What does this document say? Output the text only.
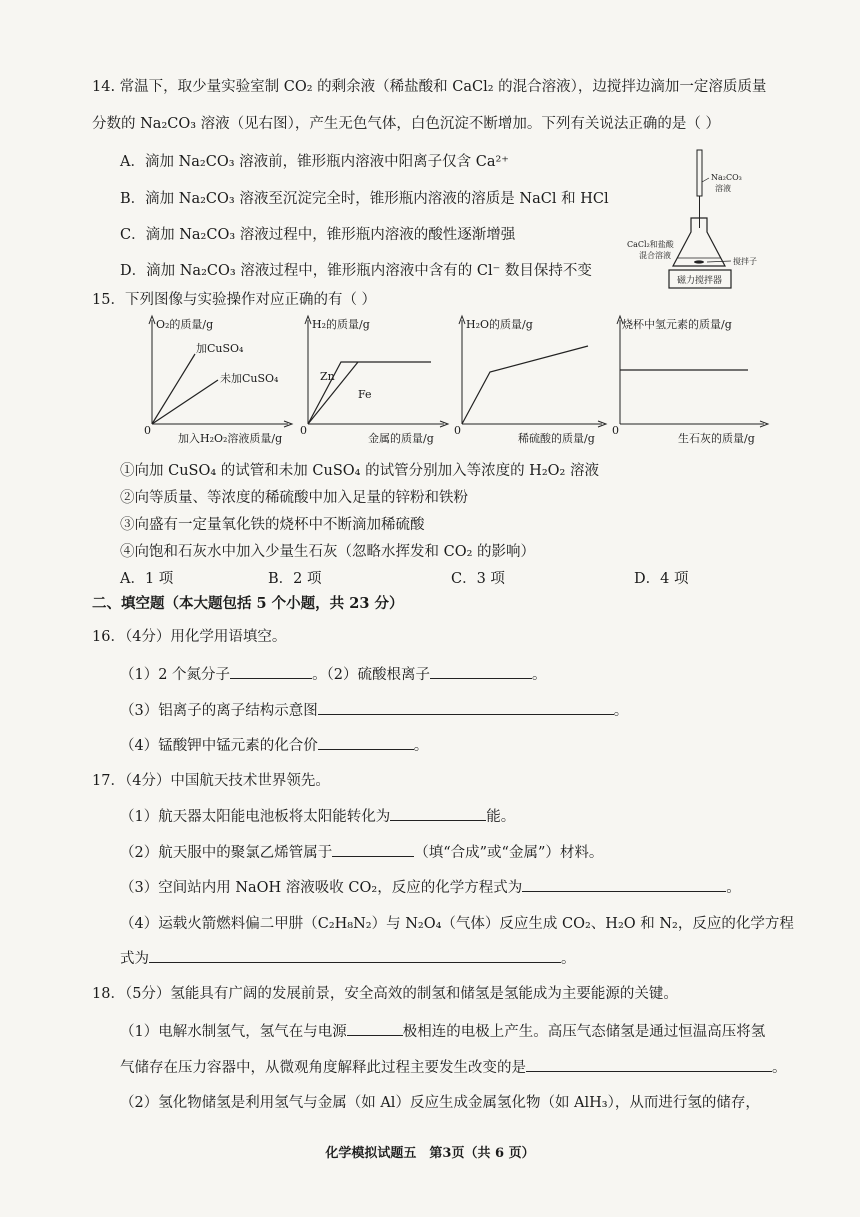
14. 常温下，取少量实验室制 CO₂ 的剩余液（稀盐酸和 CaCl₂ 的混合溶液），边搅拌边滴加一定溶质质量
分数的 Na₂CO₃ 溶液（见右图），产生无色气体，白色沉淀不断增加。下列有关说法正确的是（ ）
A．滴加 Na₂CO₃ 溶液前，锥形瓶内溶液中阳离子仅含 Ca²⁺
B．滴加 Na₂CO₃ 溶液至沉淀完全时，锥形瓶内溶液的溶质是 NaCl 和 HCl
C．滴加 Na₂CO₃ 溶液过程中，锥形瓶内溶液的酸性逐渐增强
D．滴加 Na₂CO₃ 溶液过程中，锥形瓶内溶液中含有的 Cl⁻ 数目保持不变
Na₂CO₃
溶液
CaCl₂和盐酸
混合溶液
搅拌子
磁力搅拌器
15．下列图像与实验操作对应正确的有（ ）
O₂的质量/g
0
加入H₂O₂溶液质量/g
加CuSO₄
未加CuSO₄
H₂的质量/g
0
金属的质量/g
Zn
Fe
H₂O的质量/g
0
稀硫酸的质量/g
烧杯中氢元素的质量/g
0
生石灰的质量/g
①向加 CuSO₄ 的试管和未加 CuSO₄ 的试管分别加入等浓度的 H₂O₂ 溶液
②向等质量、等浓度的稀硫酸中加入足量的锌粉和铁粉
③向盛有一定量氧化铁的烧杯中不断滴加稀硫酸
④向饱和石灰水中加入少量生石灰（忽略水挥发和 CO₂ 的影响）
A．1 项	B．2 项	C．3 项	D．4 项
二、填空题（本大题包括 5 个小题，共 23 分）
16．（4分）用化学用语填空。
（1）2 个氮分子	。（2）硫酸根离子	。
（3）铝离子的离子结构示意图	。
（4）锰酸钾中锰元素的化合价	。
17．（4分）中国航天技术世界领先。
（1）航天器太阳能电池板将太阳能转化为	能。
（2）航天服中的聚氯乙烯管属于	（填“合成”或“金属”）材料。
（3）空间站内用 NaOH 溶液吸收 CO₂，反应的化学方程式为	。
（4）运载火箭燃料偏二甲肼（C₂H₈N₂）与 N₂O₄（气体）反应生成 CO₂、H₂O 和 N₂，反应的化学方程
式为	。
18．（5分）氢能具有广阔的发展前景，安全高效的制氢和储氢是氢能成为主要能源的关键。
（1）电解水制氢气，氢气在与电源	极相连的电极上产生。高压气态储氢是通过恒温高压将氢
气储存在压力容器中，从微观角度解释此过程主要发生改变的是	。
（2）氢化物储氢是利用氢气与金属（如 Al）反应生成金属氢化物（如 AlH₃），从而进行氢的储存，
化学模拟试题五　第3页（共 6 页）
